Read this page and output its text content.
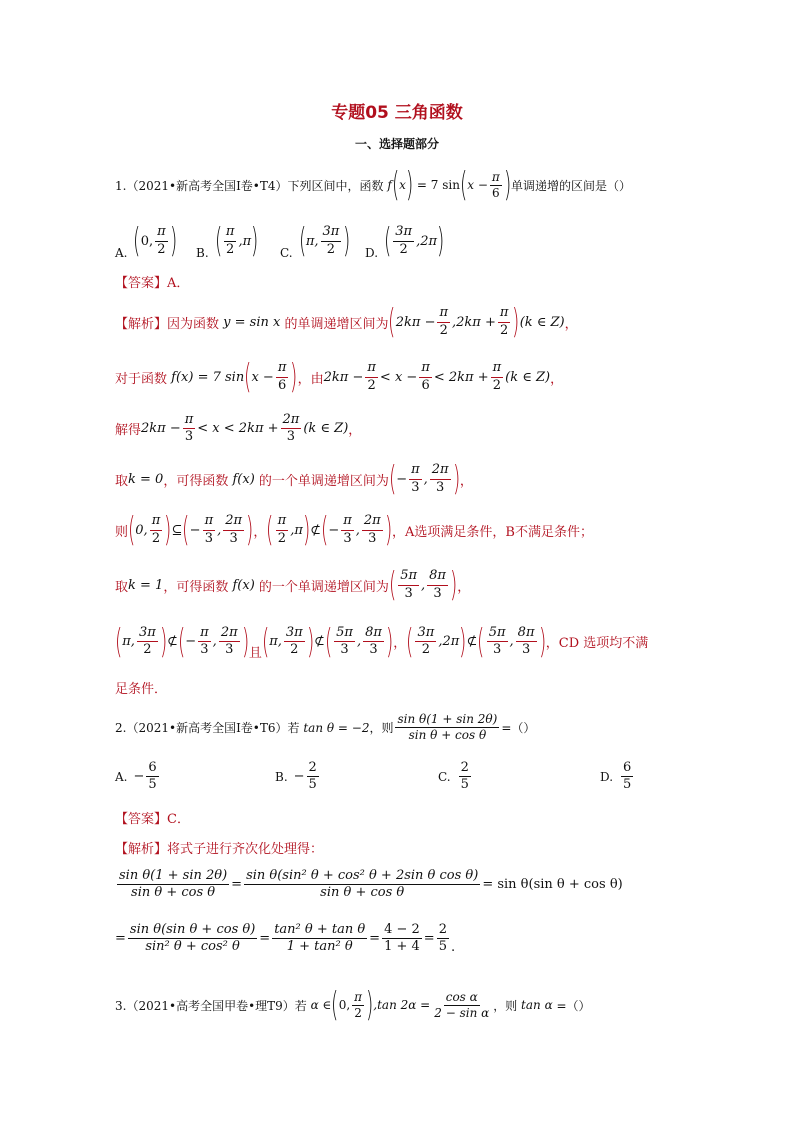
专题05 三角函数
一、选择题部分
1.（2021•新高考全国Ⅰ卷•T4）下列区间中，函数 f ( x ) = 7 sin ( $x - \frac{\pi}{6}$ ) 单调递增的区间是（）
A. ( 0, $\frac{\pi}{2}$ ) B. ( $\frac{\pi}{2} ,\pi$ ) C. ( π, $\frac{3\pi}{2}$ ) D. ( $\frac{3\pi}{2} ,2\pi$ )
【答案】A．
【解析】 因为函数 y = sin x 的单调递增区间为 ( $2k\pi - \frac{\pi}{2} ,2k\pi + \frac{\pi}{2}$ ) (k ∈ Z) ，
对于函数 f(x) = 7 sin ( $x - \frac{\pi}{6}$ ) ，由 $2k\pi - \frac{\pi}{2} < x - \frac{\pi}{6} < 2k\pi + \frac{\pi}{2} (k$ ∈ Z) ，
解得 $2k\pi - \frac{\pi}{3} < x < 2k\pi + \frac{2\pi}{3} (k$ ∈ Z) ，
取 k = 0 ，可得函数 f(x) 的一个单调递增区间为 ( − $\frac{\pi}{3}$ , $\frac{2\pi}{3}$ ) ，
则 ( 0, $\frac{\pi}{2}$ ) ⊆ ( − $\frac{\pi}{3}$ , $\frac{2\pi}{3}$ ) ， ( $\frac{\pi}{2} ,\pi$ ) ⊄ ( − $\frac{\pi}{3}$ , $\frac{2\pi}{3}$ ) ，A选项满足条件，B不满足条件；
取 k = 1 ，可得函数 f(x) 的一个单调递增区间为 ( $\frac{5\pi}{3}$ , $\frac{8\pi}{3}$ ) ，
( π, $\frac{3\pi}{2}$ ) ⊄ ( − $\frac{\pi}{3}$ , $\frac{2\pi}{3}$ ) 且 ( π, $\frac{3\pi}{2}$ ) ⊄ ( $\frac{5\pi}{3}$ , $\frac{8\pi}{3}$ ) ， ( $\frac{3\pi}{2} ,2\pi$ ) ⊄ ( $\frac{5\pi}{3}$ , $\frac{8\pi}{3}$ ) ，CD 选项均不满
足条件．
2.（2021•新高考全国Ⅰ卷•T6）若 tan θ = −2 ，则 $\frac{\text{sin θ(1 + sin 2θ)}}{\text{sin θ + cos θ}}$ =（）
A. − $\frac{6}{5}$	B. − $\frac{2}{5}$	C. $\frac{2}{5}$	D. $\frac{6}{5}$
【答案】C．
【解析】 将式子进行齐次化处理得：
$\frac{\text{sin θ(1 + sin 2θ)}}{\text{sin θ + cos θ}} = \frac{\text{sin θ(sin² θ + cos² θ + 2sin θ cos θ)}}{\text{sin θ + cos θ}} = \sin \theta(\sin$ θ + cos θ)
= $\frac{\text{sin θ(sin θ + cos θ)}}{\text{sin² θ + cos² θ}} = \frac{\text{tan² θ + tan θ}}{\text{1 + tan² θ}} = \frac{4 - 2}{1 + 4} = \frac{2}{5}$ .
3.（2021•高考全国甲卷•理T9）若 α ∈ ( 0, $\frac{\pi}{2}$ ) ,tan $2\alpha = \frac{\text{cos α}}{\text{2 − sin α}}$ ，则 tan α =（）
